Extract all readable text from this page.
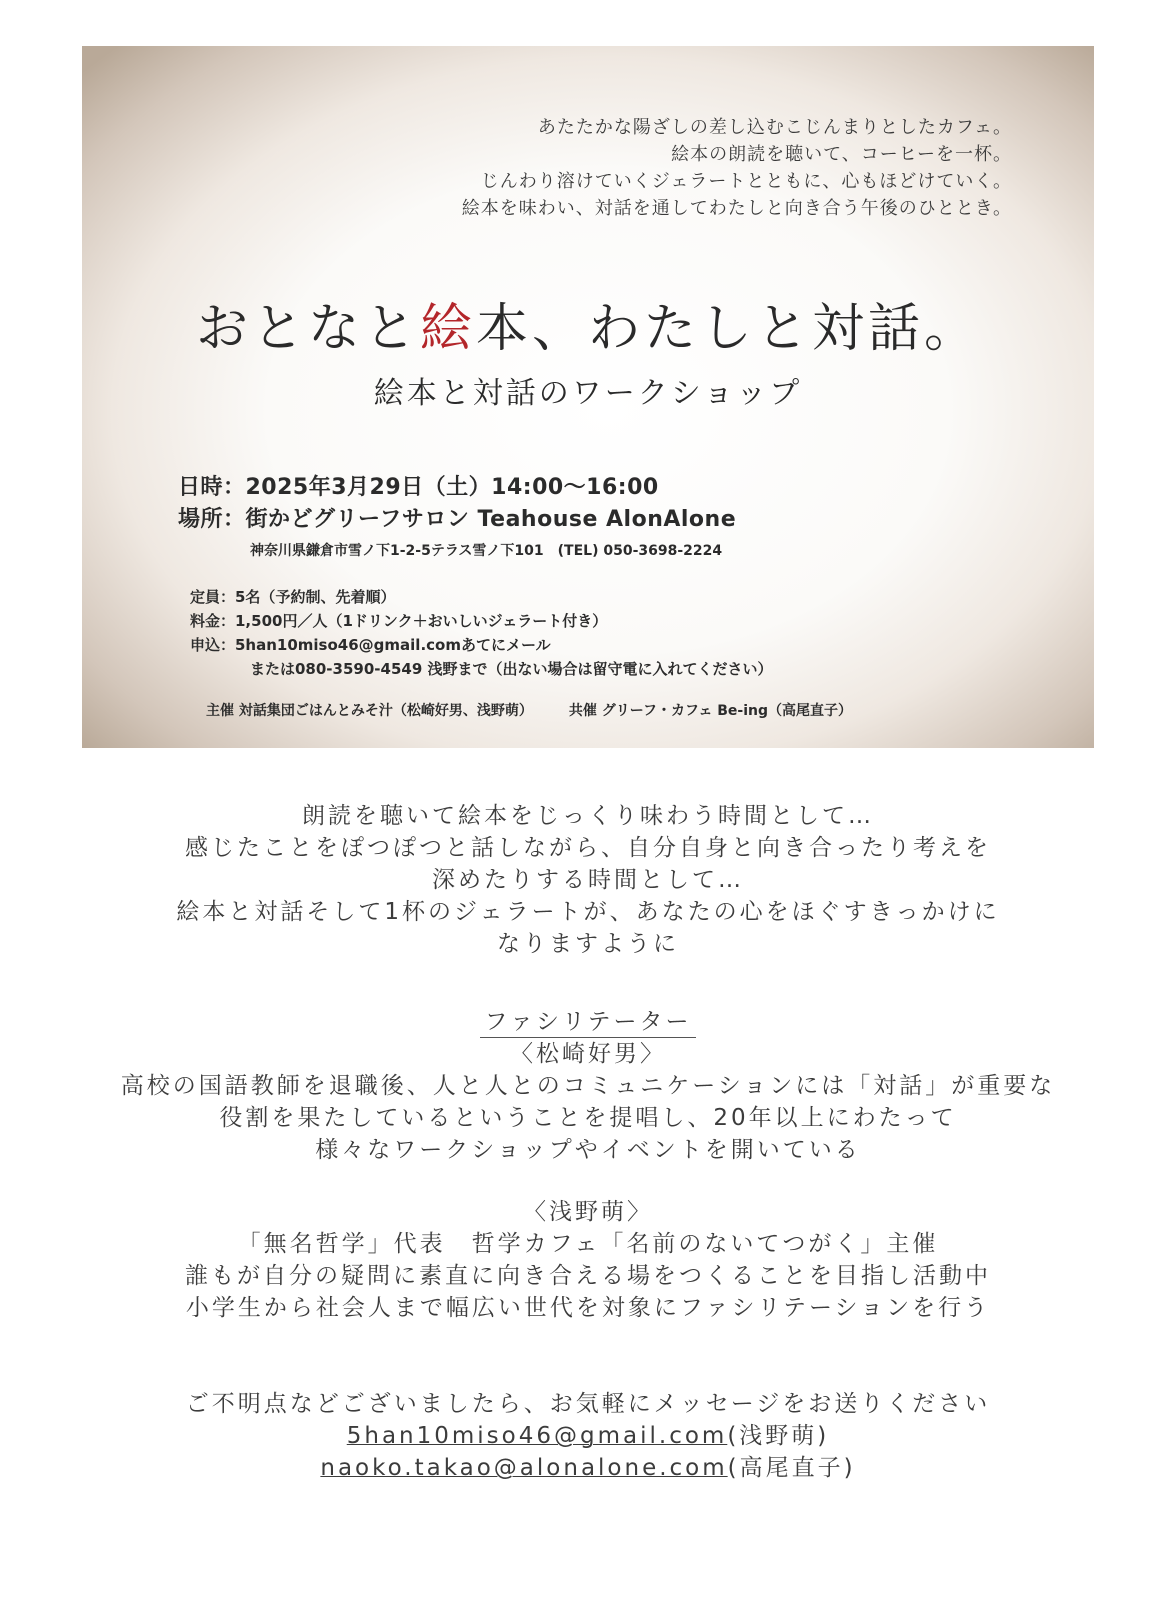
あたたかな陽ざしの差し込むこじんまりとしたカフェ。
絵本の朗読を聴いて、コーヒーを一杯。
じんわり溶けていくジェラートとともに、心もほどけていく。
絵本を味わい、対話を通してわたしと向き合う午後のひととき。
おとなと絵本、わたしと対話。
絵本と対話のワークショップ
日時：2025年3月29日（土）14:00～16:00
場所：街かどグリーフサロン Teahouse AlonAlone
神奈川県鎌倉市雪ノ下1-2-5テラス雪ノ下101　(TEL) 050-3698-2224
定員：5名（予約制、先着順）
料金：1,500円／人（1ドリンク＋おいしいジェラート付き）
申込：5han10miso46@gmail.comあてにメール
または080-3590-4549 浅野まで（出ない場合は留守電に入れてください）
主催 対話集団ごはんとみそ汁（松崎好男、浅野萌）	共催 グリーフ・カフェ Be-ing（高尾直子）
朗読を聴いて絵本をじっくり味わう時間として…
感じたことをぽつぽつと話しながら、自分自身と向き合ったり考えを
深めたりする時間として…
絵本と対話そして1杯のジェラートが、あなたの心をほぐすきっかけに
なりますように
ファシリテーター
〈松崎好男〉
高校の国語教師を退職後、人と人とのコミュニケーションには「対話」が重要な
役割を果たしているということを提唱し、20年以上にわたって
様々なワークショップやイベントを開いている
〈浅野萌〉
「無名哲学」代表　哲学カフェ「名前のないてつがく」主催
誰もが自分の疑問に素直に向き合える場をつくることを目指し活動中
小学生から社会人まで幅広い世代を対象にファシリテーションを行う
ご不明点などございましたら、お気軽にメッセージをお送りください
5han10miso46@gmail.com(浅野萌)
naoko.takao@alonalone.com(高尾直子)
